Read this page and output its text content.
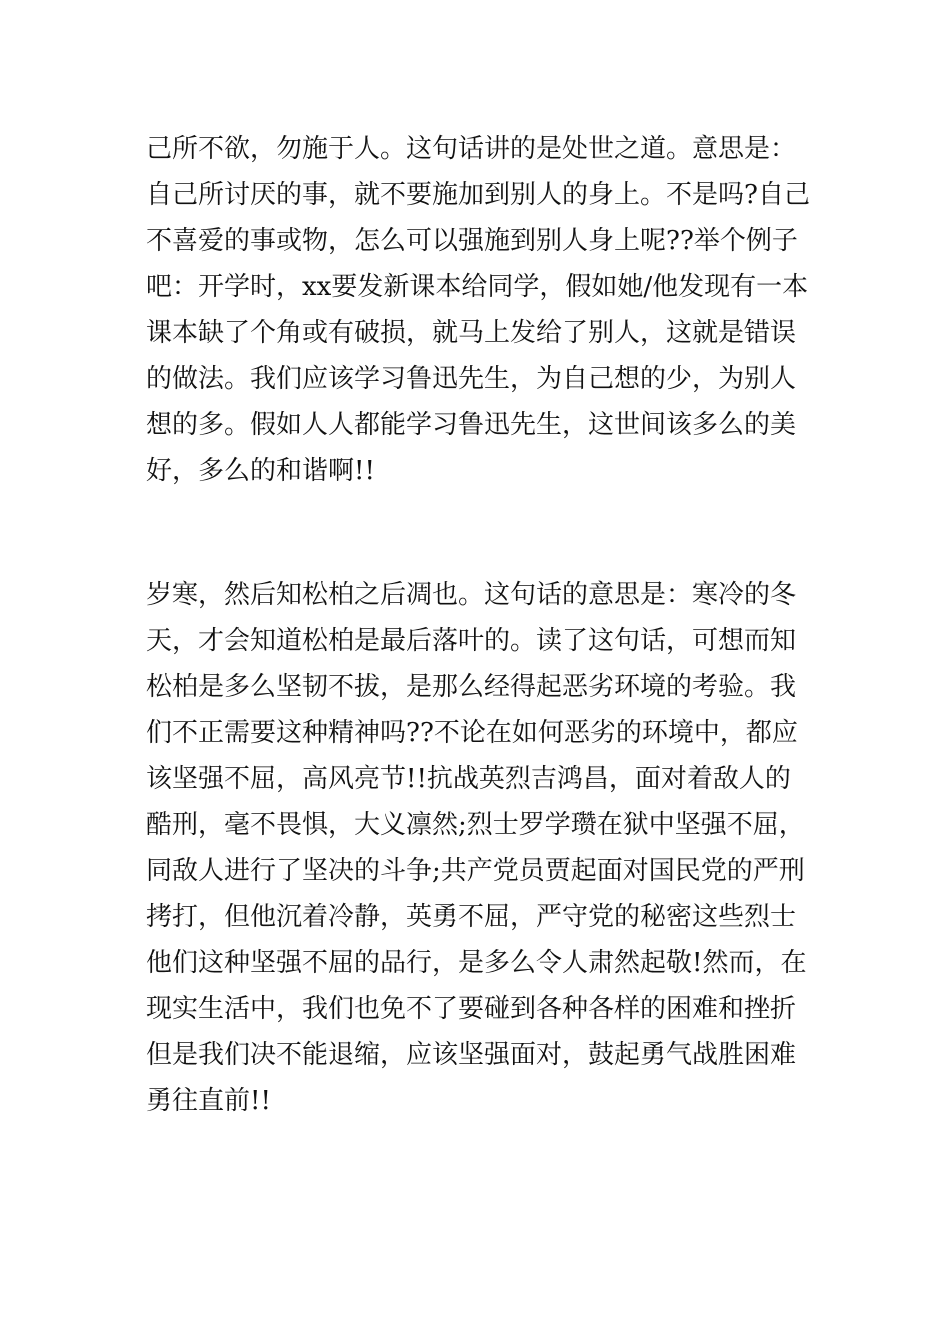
己所不欲，勿施于人。这句话讲的是处世之道。意思是：
自己所讨厌的事，就不要施加到别人的身上。不是吗?自己
不喜爱的事或物，怎么可以强施到别人身上呢??举个例子
吧：开学时，xx要发新课本给同学，假如她/他发现有一本
课本缺了个角或有破损，就马上发给了别人，这就是错误
的做法。我们应该学习鲁迅先生，为自己想的少，为别人
想的多。假如人人都能学习鲁迅先生，这世间该多么的美
好，多么的和谐啊!!
岁寒，然后知松柏之后凋也。这句话的意思是：寒冷的冬
天，才会知道松柏是最后落叶的。读了这句话，可想而知
松柏是多么坚韧不拔，是那么经得起恶劣环境的考验。我
们不正需要这种精神吗??不论在如何恶劣的环境中，都应
该坚强不屈，高风亮节!!抗战英烈吉鸿昌，面对着敌人的
酷刑，毫不畏惧，大义凛然;烈士罗学瓒在狱中坚强不屈，
同敌人进行了坚决的斗争;共产党员贾起面对国民党的严刑
拷打，但他沉着冷静，英勇不屈，严守党的秘密这些烈士
他们这种坚强不屈的品行，是多么令人肃然起敬!然而，在
现实生活中，我们也免不了要碰到各种各样的困难和挫折
但是我们决不能退缩，应该坚强面对，鼓起勇气战胜困难
勇往直前!!
